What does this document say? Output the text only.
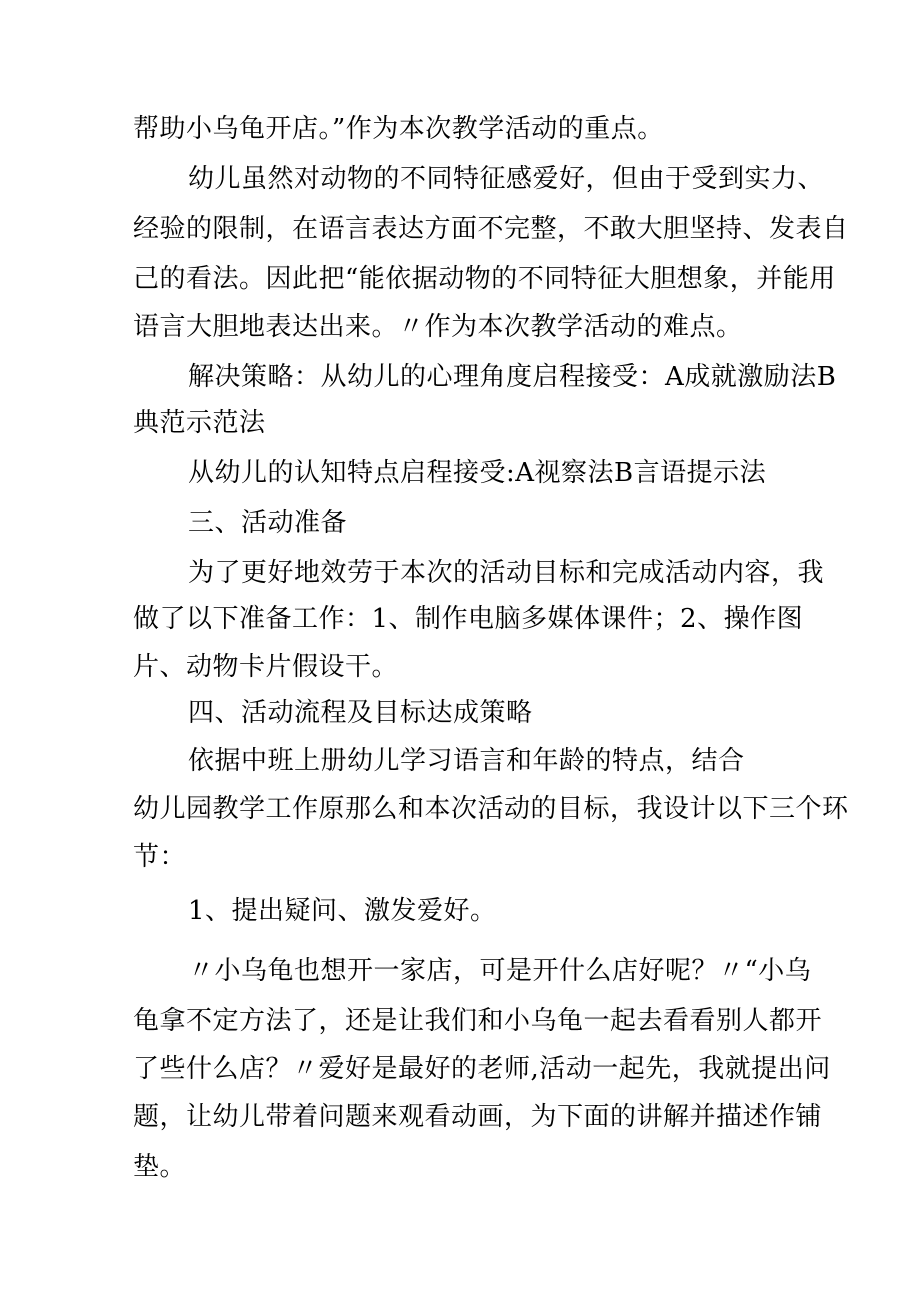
帮助小乌龟开店。”作为本次教学活动的重点。
幼儿虽然对动物的不同特征感爱好，但由于受到实力、
经验的限制，在语言表达方面不完整，不敢大胆坚持、发表自
己的看法。因此把“能依据动物的不同特征大胆想象，并能用
语言大胆地表达出来。〃作为本次教学活动的难点。
解决策略：从幼儿的心理角度启程接受：A成就激励法B
典范示范法
从幼儿的认知特点启程接受:A视察法B言语提示法
三、活动准备
为了更好地效劳于本次的活动目标和完成活动内容，我
做了以下准备工作：1、制作电脑多媒体课件；2、操作图
片、动物卡片假设干。
四、活动流程及目标达成策略
依据中班上册幼儿学习语言和年龄的特点，结合
幼儿园教学工作原那么和本次活动的目标，我设计以下三个环
节：
1、提出疑问、激发爱好。
〃小乌龟也想开一家店，可是开什么店好呢？〃“小乌
龟拿不定方法了，还是让我们和小乌龟一起去看看别人都开
了些什么店？〃爱好是最好的老师,活动一起先，我就提出问
题，让幼儿带着问题来观看动画，为下面的讲解并描述作铺
垫。
